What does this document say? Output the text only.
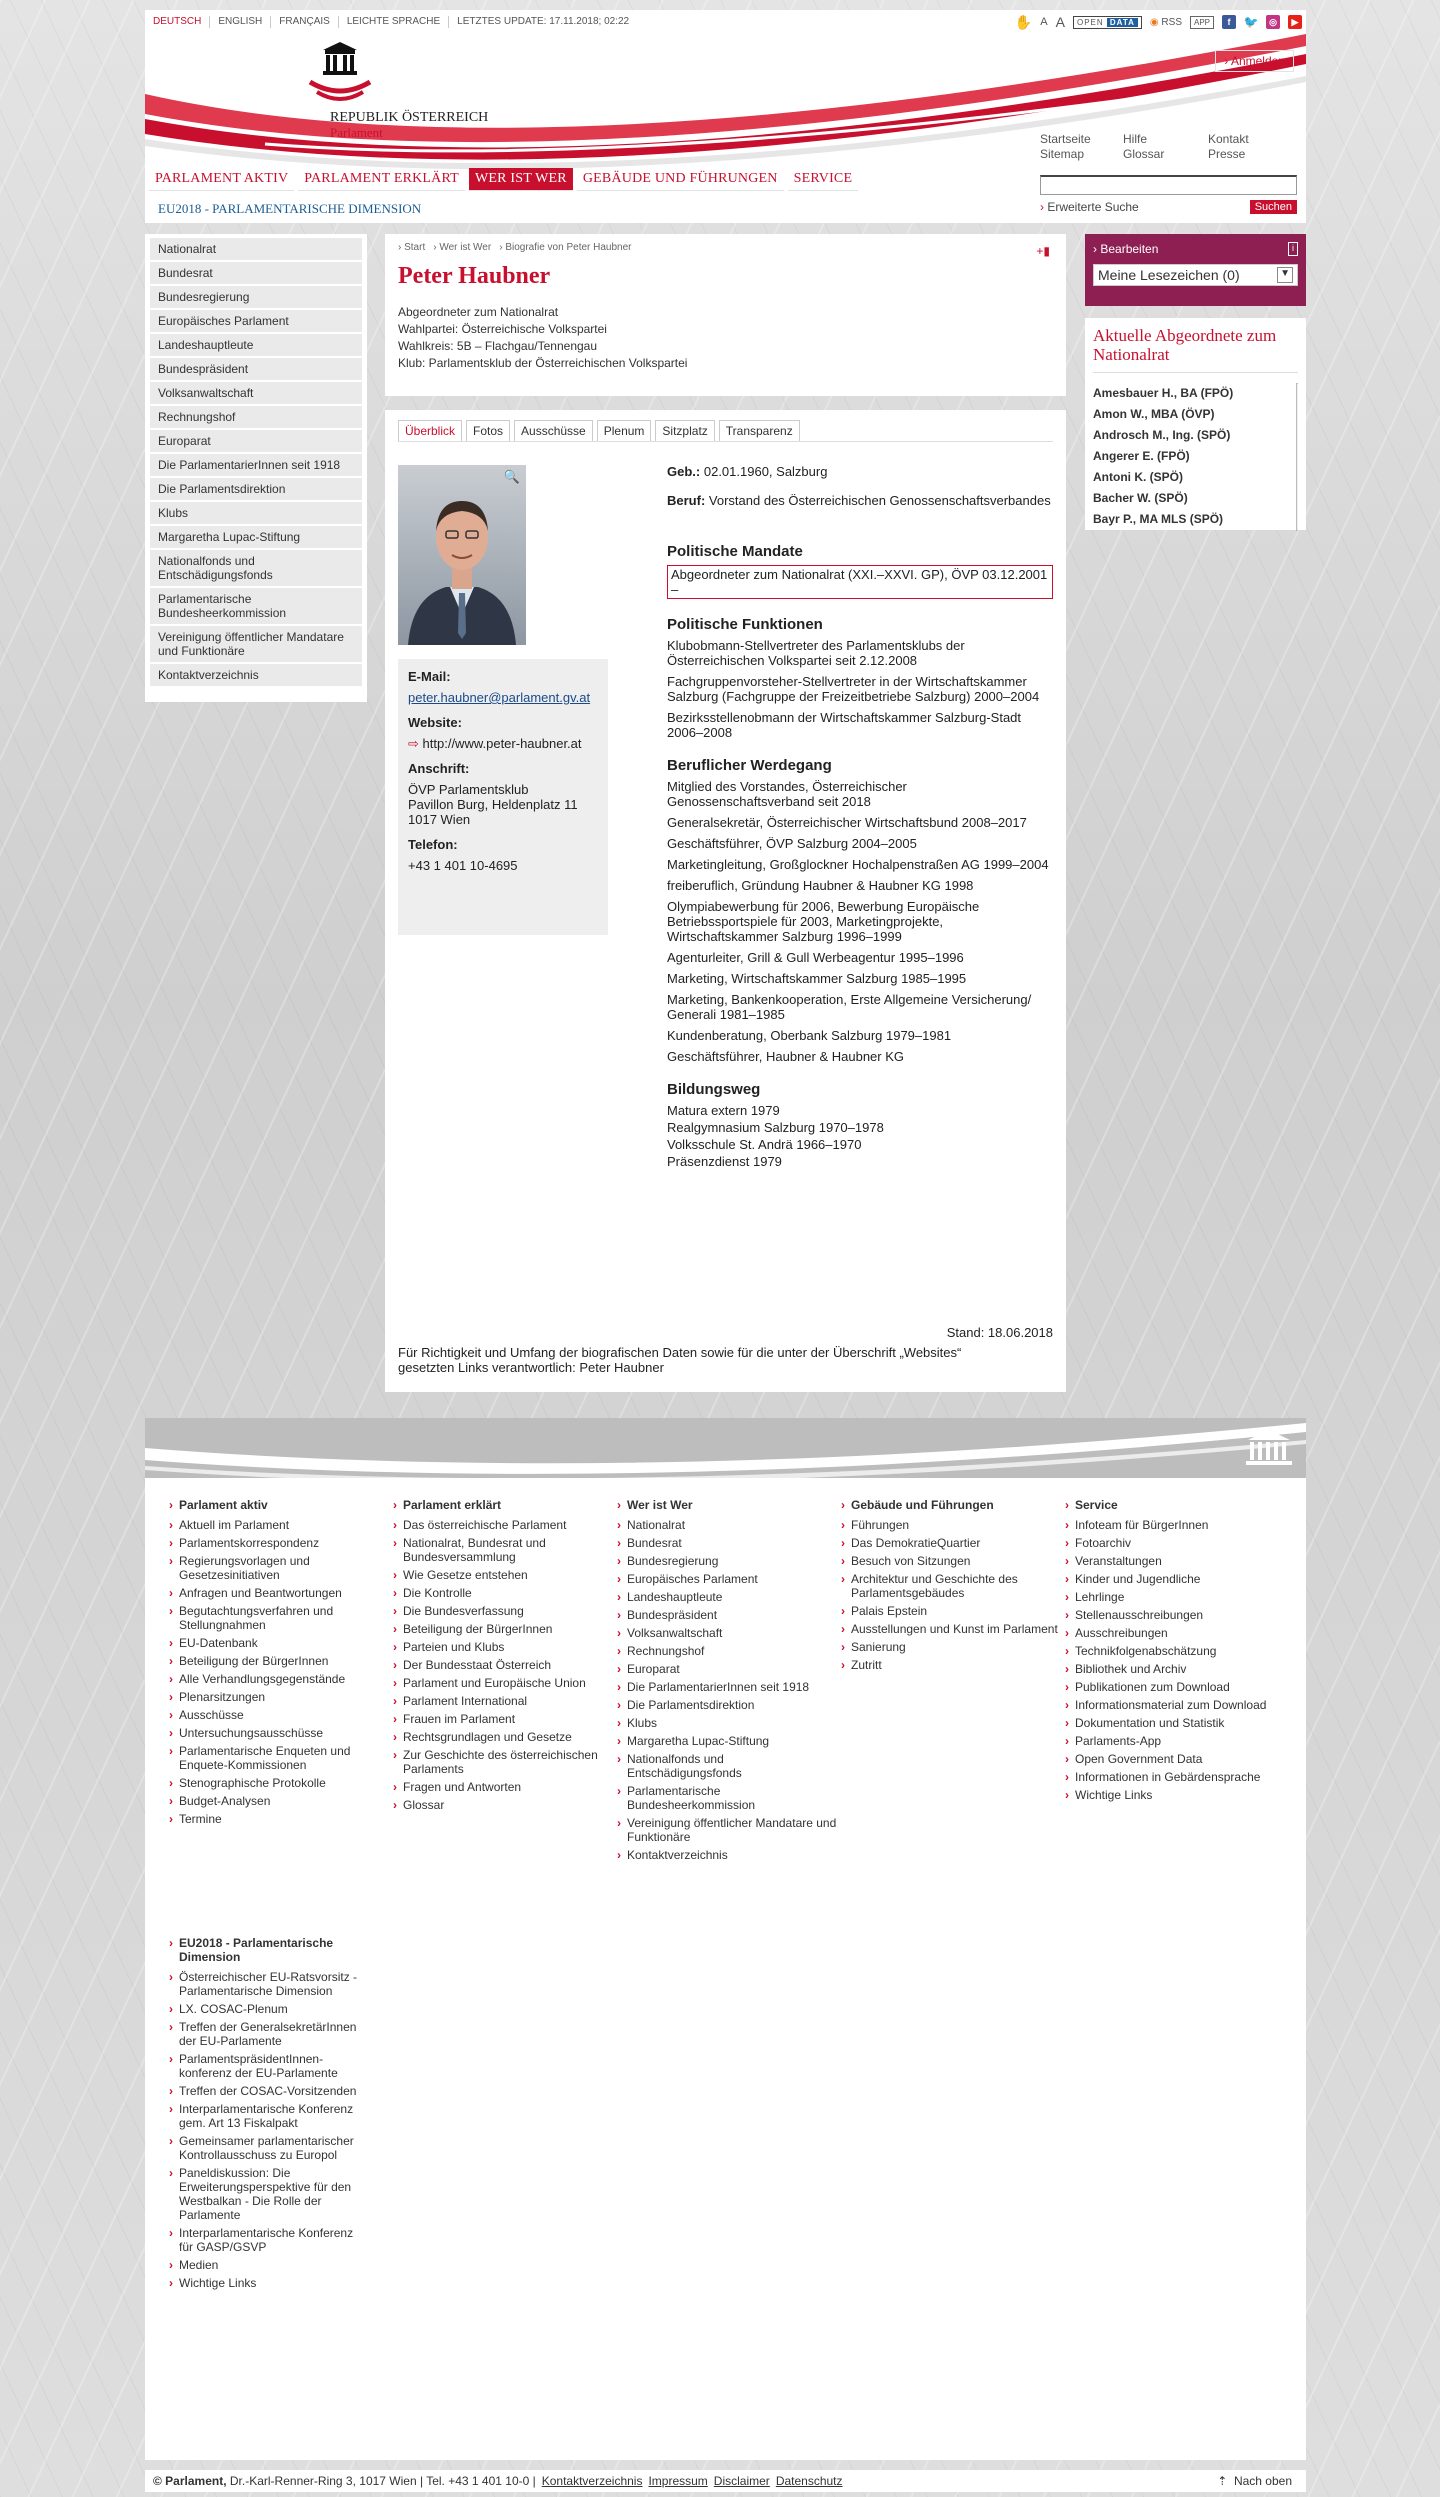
DEUTSCH	ENGLISH	FRANÇAIS	LEICHTE SPRACHE	LETZTES UPDATE: 17.11.2018; 02:22	✋ A A	OPEN DATA	◉ RSS	APP	f	🐦	◎	▶
REPUBLIK ÖSTERREICH
Parlament
› Anmelden
Startseite	Hilfe	Kontakt
Sitemap	Glossar	Presse
PARLAMENT AKTIV	PARLAMENT ERKLÄRT	WER IST WER	GEBÄUDE UND FÜHRUNGEN	SERVICE
EU2018 - PARLAMENTARISCHE DIMENSION	› Erweiterte Suche	Suchen
Nationalrat
Bundesrat
Bundesregierung
Europäisches Parlament
Landeshauptleute
Bundespräsident
Volksanwaltschaft
Rechnungshof
Europarat
Die ParlamentarierInnen seit 1918
Die Parlamentsdirektion
Klubs
Margaretha Lupac-Stiftung
Nationalfonds und Entschädigungsfonds
Parlamentarische Bundesheerkommission
Vereinigung öffentlicher Mandatare und Funktionäre
Kontaktverzeichnis
› Start › Wer ist Wer › Biografie von Peter Haubner	+▮
Peter Haubner
Abgeordneter zum Nationalrat
Wahlpartei: Österreichische Volkspartei
Wahlkreis: 5B – Flachgau/Tennengau
Klub: Parlamentsklub der Österreichischen Volkspartei
Überblick	Fotos	Ausschüsse	Plenum	Sitzplatz	Transparenz
🔍
E-Mail:
peter.haubner@parlament.gv.at
Website:
⇨ http://www.peter-haubner.at
Anschrift:
ÖVP Parlamentsklub
Pavillon Burg, Heldenplatz 11
1017 Wien
Telefon:
+43 1 401 10-4695
Geb.: 02.01.1960, Salzburg
Beruf: Vorstand des Österreichischen Genossenschaftsverbandes
Politische Mandate
Abgeordneter zum Nationalrat (XXI.–XXVI. GP), ÖVP 03.12.2001 –
Politische Funktionen
Klubobmann-Stellvertreter des Parlamentsklubs der Österreichischen Volkspartei seit 2.12.2008
Fachgruppenvorsteher-Stellvertreter in der Wirtschaftskammer Salzburg (Fachgruppe der Freizeitbetriebe Salzburg) 2000–2004
Bezirksstellenobmann der Wirtschaftskammer Salzburg-Stadt 2006–2008
Beruflicher Werdegang
Mitglied des Vorstandes, Österreichischer Genossenschaftsverband seit 2018
Generalsekretär, Österreichischer Wirtschaftsbund 2008–2017
Geschäftsführer, ÖVP Salzburg 2004–2005
Marketingleitung, Großglockner Hochalpenstraßen AG 1999–2004
freiberuflich, Gründung Haubner & Haubner KG 1998
Olympiabewerbung für 2006, Bewerbung Europäische Betriebssportspiele für 2003, Marketingprojekte, Wirtschaftskammer Salzburg 1996–1999
Agenturleiter, Grill & Gull Werbeagentur 1995–1996
Marketing, Wirtschaftskammer Salzburg 1985–1995
Marketing, Bankenkooperation, Erste Allgemeine Versicherung/ Generali 1981–1985
Kundenberatung, Oberbank Salzburg 1979–1981
Geschäftsführer, Haubner & Haubner KG
Bildungsweg
Matura extern 1979
Realgymnasium Salzburg 1970–1978
Volksschule St. Andrä 1966–1970
Präsenzdienst 1979
Stand: 18.06.2018
Für Richtigkeit und Umfang der biografischen Daten sowie für die unter der Überschrift „Websites“ gesetzten Links verantwortlich: Peter Haubner
› Bearbeiten	i
Meine Lesezeichen (0)	▼
Aktuelle Abgeordnete zum Nationalrat
Amesbauer H., BA (FPÖ)
Amon W., MBA (ÖVP)
Androsch M., Ing. (SPÖ)
Angerer E. (FPÖ)
Antoni K. (SPÖ)
Bacher W. (SPÖ)
Bayr P., MA MLS (SPÖ)
› Parlament aktiv
› Aktuell im Parlament
› Parlamentskorrespondenz
› Regierungsvorlagen und Gesetzesinitiativen
› Anfragen und Beantwortungen
› Begutachtungsverfahren und Stellungnahmen
› EU-Datenbank
› Beteiligung der BürgerInnen
› Alle Verhandlungsgegenstände
› Plenarsitzungen
› Ausschüsse
› Untersuchungsausschüsse
› Parlamentarische Enqueten und Enquete-Kommissionen
› Stenographische Protokolle
› Budget-Analysen
› Termine
› Parlament erklärt
› Das österreichische Parlament
› Nationalrat, Bundesrat und Bundesversammlung
› Wie Gesetze entstehen
› Die Kontrolle
› Die Bundesverfassung
› Beteiligung der BürgerInnen
› Parteien und Klubs
› Der Bundesstaat Österreich
› Parlament und Europäische Union
› Parlament International
› Frauen im Parlament
› Rechtsgrundlagen und Gesetze
› Zur Geschichte des österreichischen Parlaments
› Fragen und Antworten
› Glossar
› Wer ist Wer
› Nationalrat
› Bundesrat
› Bundesregierung
› Europäisches Parlament
› Landeshauptleute
› Bundespräsident
› Volksanwaltschaft
› Rechnungshof
› Europarat
› Die ParlamentarierInnen seit 1918
› Die Parlamentsdirektion
› Klubs
› Margaretha Lupac-Stiftung
› Nationalfonds und Entschädigungsfonds
› Parlamentarische Bundesheerkommission
› Vereinigung öffentlicher Mandatare und Funktionäre
› Kontaktverzeichnis
› Gebäude und Führungen
› Führungen
› Das DemokratieQuartier
› Besuch von Sitzungen
› Architektur und Geschichte des Parlamentsgebäudes
› Palais Epstein
› Ausstellungen und Kunst im Parlament
› Sanierung
› Zutritt
› Service
› Infoteam für BürgerInnen
› Fotoarchiv
› Veranstaltungen
› Kinder und Jugendliche
› Lehrlinge
› Stellenausschreibungen
› Ausschreibungen
› Technikfolgenabschätzung
› Bibliothek und Archiv
› Publikationen zum Download
› Informationsmaterial zum Download
› Dokumentation und Statistik
› Parlaments-App
› Open Government Data
› Informationen in Gebärdensprache
› Wichtige Links
› EU2018 - Parlamentarische Dimension
› Österreichischer EU-Ratsvorsitz - Parlamentarische Dimension
› LX. COSAC-Plenum
› Treffen der GeneralsekretärInnen der EU-Parlamente
› ParlamentspräsidentInnen-konferenz der EU-Parlamente
› Treffen der COSAC-Vorsitzenden
› Interparlamentarische Konferenz gem. Art 13 Fiskalpakt
› Gemeinsamer parlamentarischer Kontrollausschuss zu Europol
› Paneldiskussion: Die Erweiterungsperspektive für den Westbalkan - Die Rolle der Parlamente
› Interparlamentarische Konferenz für GASP/GSVP
› Medien
› Wichtige Links
© Parlament,
Dr.-Karl-Renner-Ring 3, 1017 Wien | Tel. +43 1 401 10-0 | Kontaktverzeichnis Impressum Disclaimer Datenschutz	⇡ Nach oben
